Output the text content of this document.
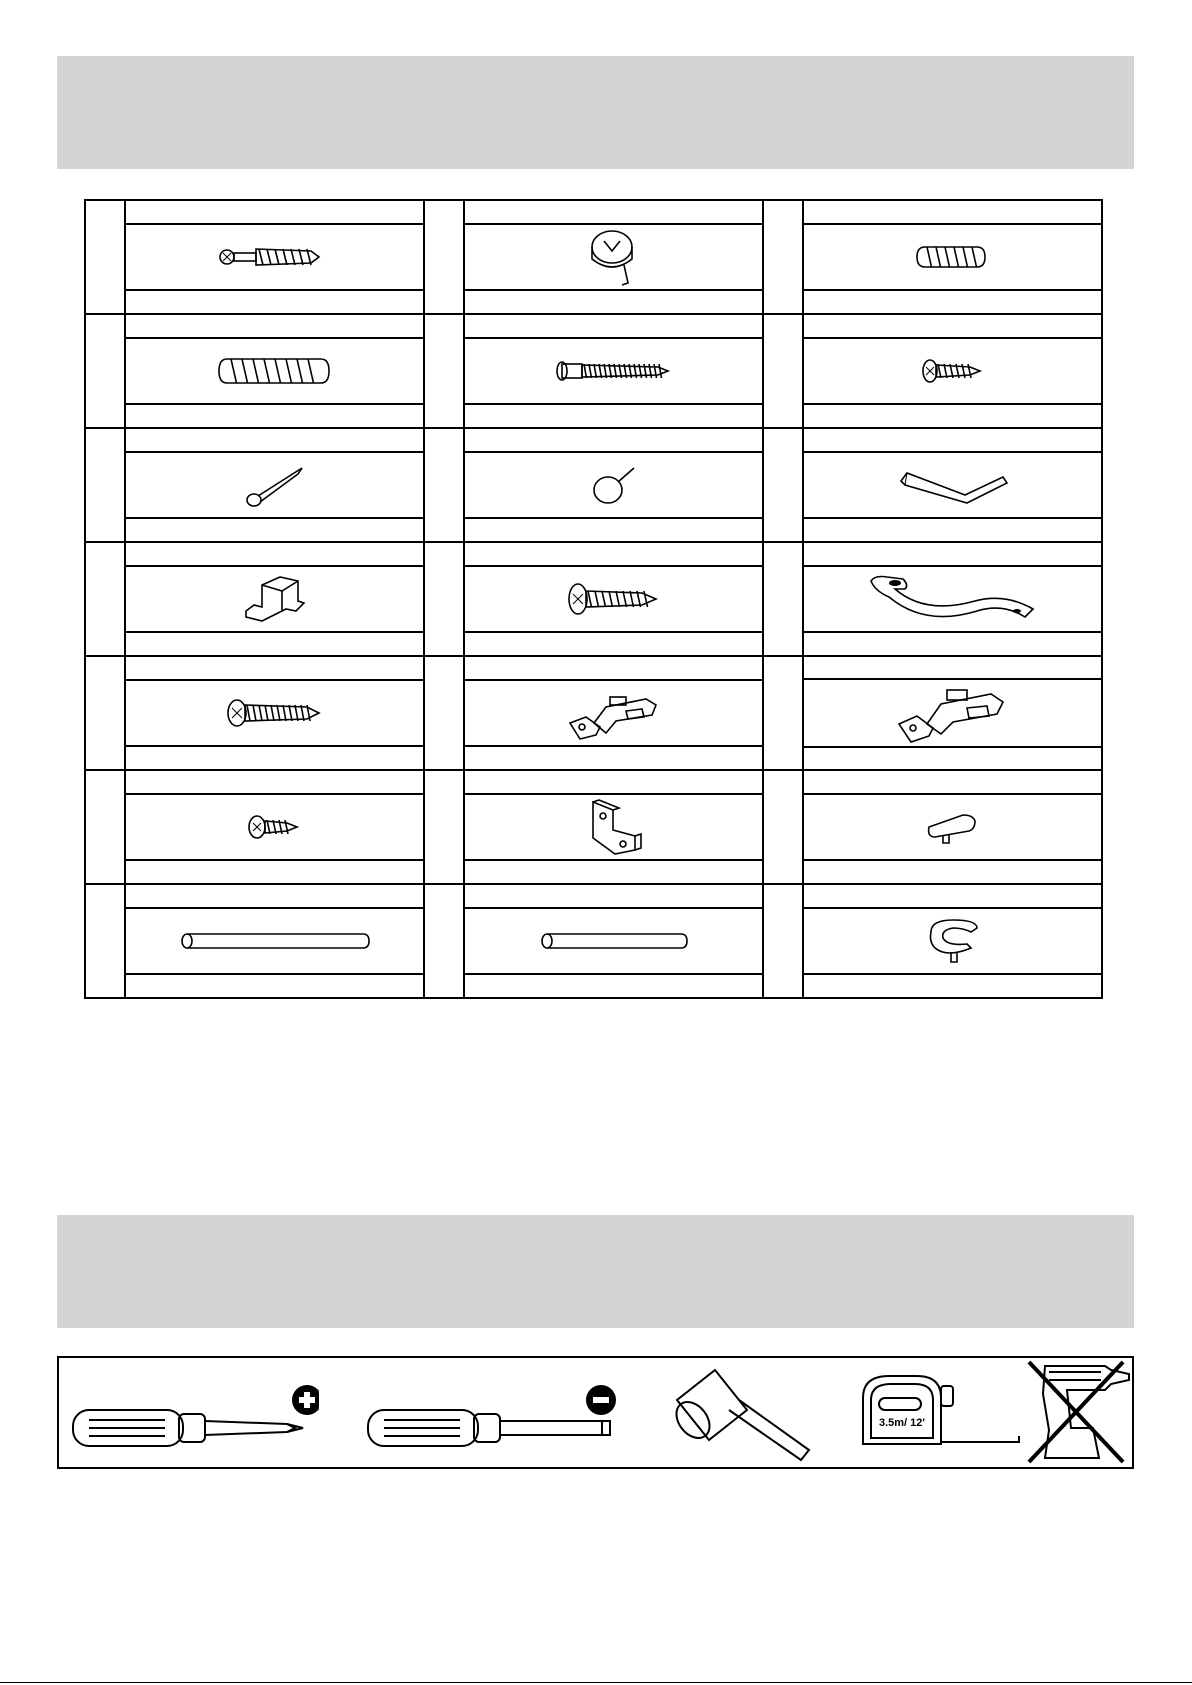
3.5m/ 12'
